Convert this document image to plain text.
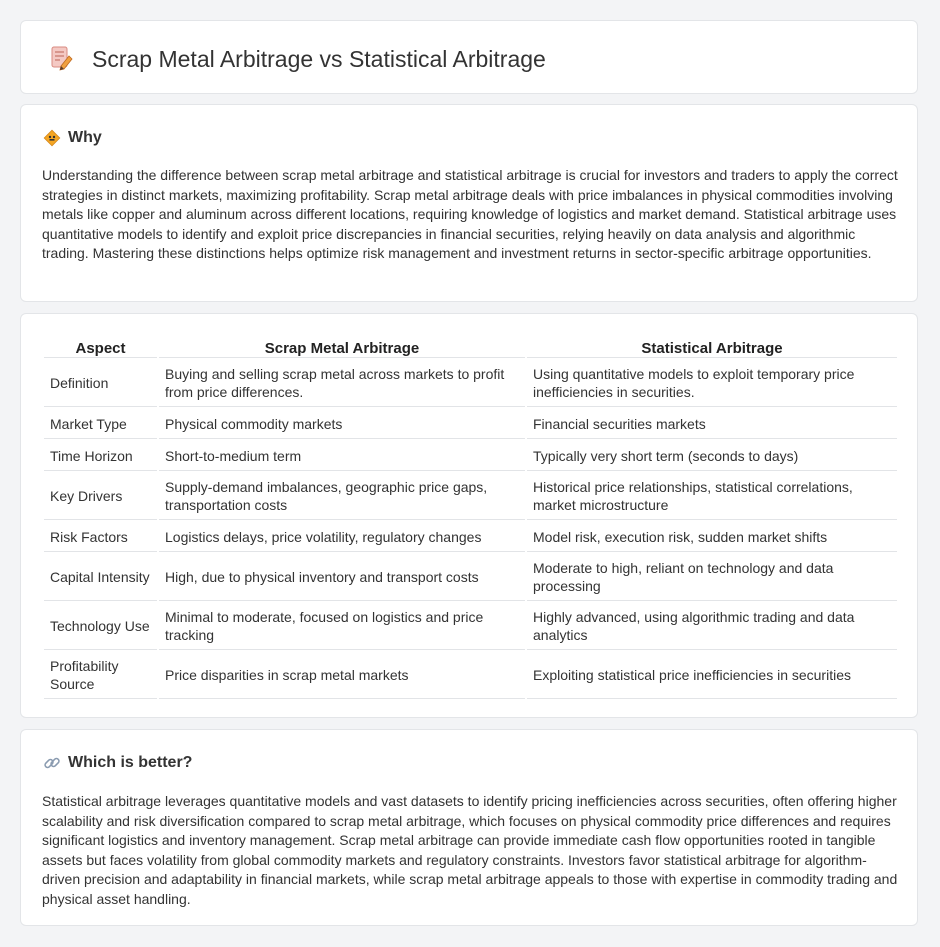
Scrap Metal Arbitrage vs Statistical Arbitrage
Why

Understanding the difference between scrap metal arbitrage and statistical arbitrage is crucial for investors and traders to apply the correct strategies in distinct markets, maximizing profitability. Scrap metal arbitrage deals with price imbalances in physical commodities involving metals like copper and aluminum across different locations, requiring knowledge of logistics and market demand. Statistical arbitrage uses quantitative models to identify and exploit price discrepancies in financial securities, relying heavily on data analysis and algorithmic trading. Mastering these distinctions helps optimize risk management and investment returns in sector-specific arbitrage opportunities.

Aspect	Scrap Metal Arbitrage	Statistical Arbitrage
Definition	Buying and selling scrap metal across markets to profit from price differences.	Using quantitative models to exploit temporary price inefficiencies in securities.
Market Type	Physical commodity markets	Financial securities markets
Time Horizon	Short-to-medium term	Typically very short term (seconds to days)
Key Drivers	Supply-demand imbalances, geographic price gaps, transportation costs	Historical price relationships, statistical correlations, market microstructure
Risk Factors	Logistics delays, price volatility, regulatory changes	Model risk, execution risk, sudden market shifts
Capital Intensity	High, due to physical inventory and transport costs	Moderate to high, reliant on technology and data processing
Technology Use	Minimal to moderate, focused on logistics and price tracking	Highly advanced, using algorithmic trading and data analytics
Profitability Source	Price disparities in scrap metal markets	Exploiting statistical price inefficiencies in securities
Which is better?

Statistical arbitrage leverages quantitative models and vast datasets to identify pricing inefficiencies across securities, often offering higher scalability and risk diversification compared to scrap metal arbitrage, which focuses on physical commodity price differences and requires significant logistics and inventory management. Scrap metal arbitrage can provide immediate cash flow opportunities rooted in tangible assets but faces volatility from global commodity markets and regulatory constraints. Investors favor statistical arbitrage for algorithm-driven precision and adaptability in financial markets, while scrap metal arbitrage appeals to those with expertise in commodity trading and physical asset handling.
